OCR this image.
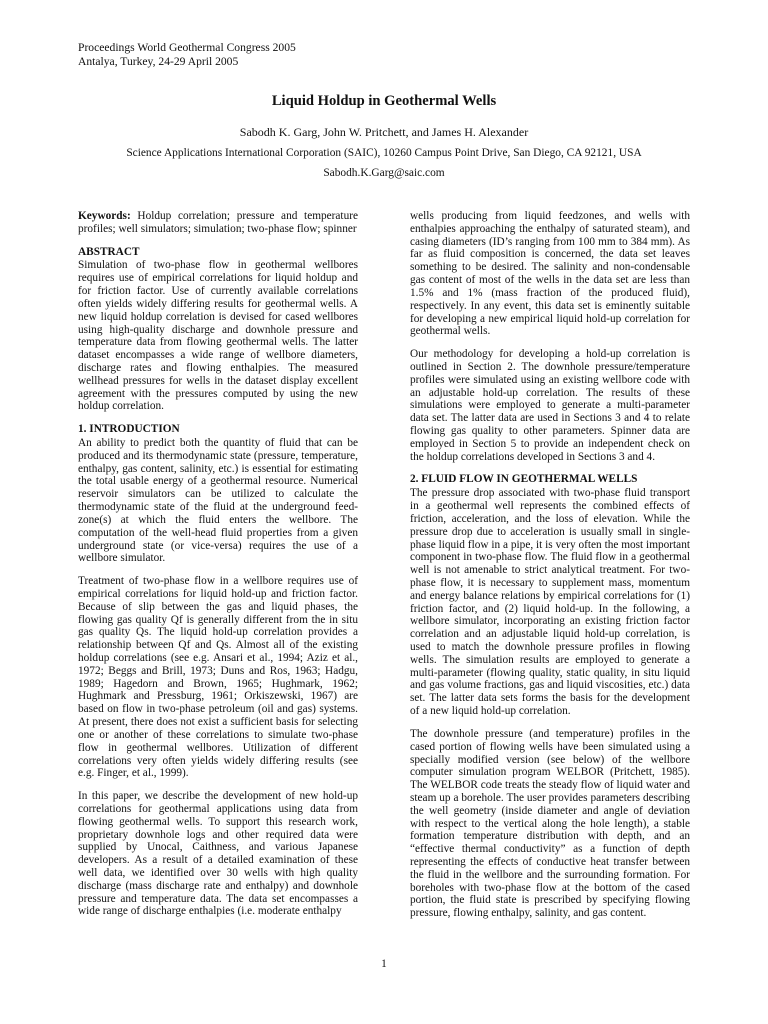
Proceedings World Geothermal Congress 2005
Antalya, Turkey, 24-29 April 2005
Liquid Holdup in Geothermal Wells
Sabodh K. Garg, John W. Pritchett, and James H. Alexander
Science Applications International Corporation (SAIC), 10260 Campus Point Drive, San Diego, CA 92121, USA
Sabodh.K.Garg@saic.com

Keywords: Holdup correlation; pressure and temperature profiles; well simulators; simulation; two-phase flow; spinner

ABSTRACT

Simulation of two-phase flow in geothermal wellbores requires use of empirical correlations for liquid holdup and for friction factor. Use of currently available correlations often yields widely differing results for geothermal wells. A new liquid holdup correlation is devised for cased wellbores using high-quality discharge and downhole pressure and temperature data from flowing geothermal wells. The latter dataset encompasses a wide range of wellbore diameters, discharge rates and flowing enthalpies. The measured wellhead pressures for wells in the dataset display excellent agreement with the pressures computed by using the new holdup correlation.

1. INTRODUCTION

An ability to predict both the quantity of fluid that can be produced and its thermodynamic state (pressure, temperature, enthalpy, gas content, salinity, etc.) is essential for estimating the total usable energy of a geothermal resource. Numerical reservoir simulators can be utilized to calculate the thermodynamic state of the fluid at the underground feed-zone(s) at which the fluid enters the wellbore. The computation of the well-head fluid properties from a given underground state (or vice-versa) requires the use of a wellbore simulator.

Treatment of two-phase flow in a wellbore requires use of empirical correlations for liquid hold-up and friction factor. Because of slip between the gas and liquid phases, the flowing gas quality Qf is generally different from the in situ gas quality Qs. The liquid hold-up correlation provides a relationship between Qf and Qs. Almost all of the existing holdup correlations (see e.g. Ansari et al., 1994; Aziz et al., 1972; Beggs and Brill, 1973; Duns and Ros, 1963; Hadgu, 1989; Hagedorn and Brown, 1965; Hughmark, 1962; Hughmark and Pressburg, 1961; Orkiszewski, 1967) are based on flow in two-phase petroleum (oil and gas) systems. At present, there does not exist a sufficient basis for selecting one or another of these correlations to simulate two-phase flow in geothermal wellbores. Utilization of different correlations very often yields widely differing results (see e.g. Finger, et al., 1999).

In this paper, we describe the development of new hold-up correlations for geothermal applications using data from flowing geothermal wells. To support this research work, proprietary downhole logs and other required data were supplied by Unocal, Caithness, and various Japanese developers. As a result of a detailed examination of these well data, we identified over 30 wells with high quality discharge (mass discharge rate and enthalpy) and downhole pressure and temperature data. The data set encompasses a wide range of discharge enthalpies (i.e. moderate enthalpy

wells producing from liquid feedzones, and wells with enthalpies approaching the enthalpy of saturated steam), and casing diameters (ID’s ranging from 100 mm to 384 mm). As far as fluid composition is concerned, the data set leaves something to be desired. The salinity and non-condensable gas content of most of the wells in the data set are less than 1.5% and 1% (mass fraction of the produced fluid), respectively. In any event, this data set is eminently suitable for developing a new empirical liquid hold-up correlation for geothermal wells.

Our methodology for developing a hold-up correlation is outlined in Section 2. The downhole pressure/temperature profiles were simulated using an existing wellbore code with an adjustable hold-up correlation. The results of these simulations were employed to generate a multi-parameter data set. The latter data are used in Sections 3 and 4 to relate flowing gas quality to other parameters. Spinner data are employed in Section 5 to provide an independent check on the holdup correlations developed in Sections 3 and 4.

2. FLUID FLOW IN GEOTHERMAL WELLS

The pressure drop associated with two-phase fluid transport in a geothermal well represents the combined effects of friction, acceleration, and the loss of elevation. While the pressure drop due to acceleration is usually small in single-phase liquid flow in a pipe, it is very often the most important component in two-phase flow. The fluid flow in a geothermal well is not amenable to strict analytical treatment. For two-phase flow, it is necessary to supplement mass, momentum and energy balance relations by empirical correlations for (1) friction factor, and (2) liquid hold-up. In the following, a wellbore simulator, incorporating an existing friction factor correlation and an adjustable liquid hold-up correlation, is used to match the downhole pressure profiles in flowing wells. The simulation results are employed to generate a multi-parameter (flowing quality, static quality, in situ liquid and gas volume fractions, gas and liquid viscosities, etc.) data set. The latter data sets forms the basis for the development of a new liquid hold-up correlation.

The downhole pressure (and temperature) profiles in the cased portion of flowing wells have been simulated using a specially modified version (see below) of the wellbore computer simulation program WELBOR (Pritchett, 1985). The WELBOR code treats the steady flow of liquid water and steam up a borehole. The user provides parameters describing the well geometry (inside diameter and angle of deviation with respect to the vertical along the hole length), a stable formation temperature distribution with depth, and an “effective thermal conductivity” as a function of depth representing the effects of conductive heat transfer between the fluid in the wellbore and the surrounding formation. For boreholes with two-phase flow at the bottom of the cased portion, the fluid state is prescribed by specifying flowing pressure, flowing enthalpy, salinity, and gas content.

1
